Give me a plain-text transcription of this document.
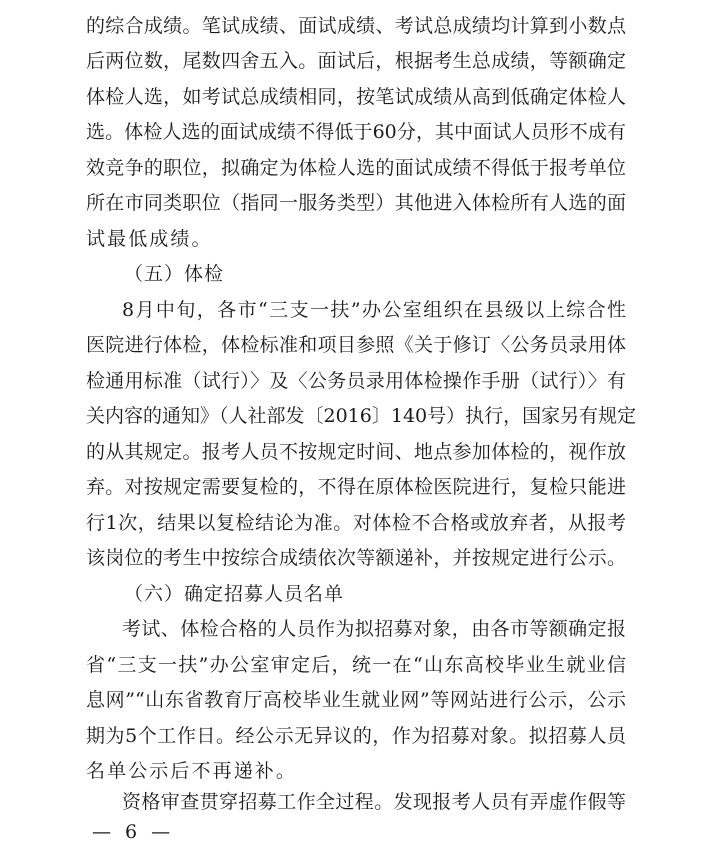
的综合成绩。笔试成绩、面试成绩、考试总成绩均计算到小数点
后两位数，尾数四舍五入。面试后，根据考生总成绩，等额确定
体检人选，如考试总成绩相同，按笔试成绩从高到低确定体检人
选。体检人选的面试成绩不得低于60分，其中面试人员形不成有
效竞争的职位，拟确定为体检人选的面试成绩不得低于报考单位
所在市同类职位（指同一服务类型）其他进入体检所有人选的面
试最低成绩。
（五）体检
8月中旬，各市“三支一扶”办公室组织在县级以上综合性
医院进行体检，体检标准和项目参照《关于修订〈公务员录用体
检通用标准（试行）〉及〈公务员录用体检操作手册（试行）〉有
关内容的通知》（人社部发〔2016〕140号）执行，国家另有规定
的从其规定。报考人员不按规定时间、地点参加体检的，视作放
弃。对按规定需要复检的，不得在原体检医院进行，复检只能进
行1次，结果以复检结论为准。对体检不合格或放弃者，从报考
该岗位的考生中按综合成绩依次等额递补，并按规定进行公示。
（六）确定招募人员名单
考试、体检合格的人员作为拟招募对象，由各市等额确定报
省“三支一扶”办公室审定后，统一在“山东高校毕业生就业信
息网”“山东省教育厅高校毕业生就业网”等网站进行公示，公示
期为5个工作日。经公示无异议的，作为招募对象。拟招募人员
名单公示后不再递补。
资格审查贯穿招募工作全过程。发现报考人员有弄虚作假等
— 6 —
